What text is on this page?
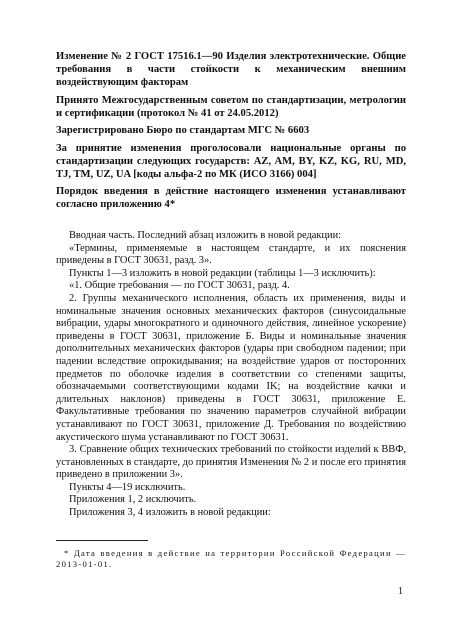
Изменение № 2 ГОСТ 17516.1—90 Изделия электротехнические. Общие требования в части стойкости к механическим внешним воздействующим факторам

Принято Межгосударственным советом по стандартизации, метрологии и сертификации (протокол № 41 от 24.05.2012)

Зарегистрировано Бюро по стандартам МГС № 6603

За принятие изменения проголосовали национальные органы по стандартизации следующих государств: AZ, AM, BY, KZ, KG, RU, MD, TJ, TM, UZ, UA [коды альфа-2 по МК (ИСО 3166) 004]

Порядок введения в действие настоящего изменения устанавливают согласно приложению 4*

Вводная часть. Последний абзац изложить в новой редакции:

«Термины, применяемые в настоящем стандарте, и их пояснения приведены в ГОСТ 30631, разд. 3».

Пункты 1—3 изложить в новой редакции (таблицы 1—3 исключить):

«1. Общие требования — по ГОСТ 30631, разд. 4.

2. Группы механического исполнения, область их применения, виды и номинальные значения основных механических факторов (синусоидальные вибрации, удары многократного и одиночного действия, линейное ускорение) приведены в ГОСТ 30631, приложение Б. Виды и номинальные значения дополнительных механических факторов (удары при свободном падении; при падении вследствие опрокидывания; на воздействие ударов от посторонних предметов по оболочке изделия в соответствии со степенями защиты, обозначаемыми соответствующими кодами IK; на воздействие качки и длительных наклонов) приведены в ГОСТ 30631, приложение Е. Факультативные требования по значению параметров случайной вибрации устанавливают по ГОСТ 30631, приложение Д. Требования по воздействию акустического шума устанавливают по ГОСТ 30631.

3. Сравнение общих технических требований по стойкости изделий к ВВФ, установленных в стандарте, до принятия Изменения № 2 и после его принятия приведено в приложении 3».

Пункты 4—19 исключить.

Приложения 1, 2 исключить.

Приложения 3, 4 изложить в новой редакции:

* Дата введения в действие на территории Российской Федерации — 2013-01-01.
1
